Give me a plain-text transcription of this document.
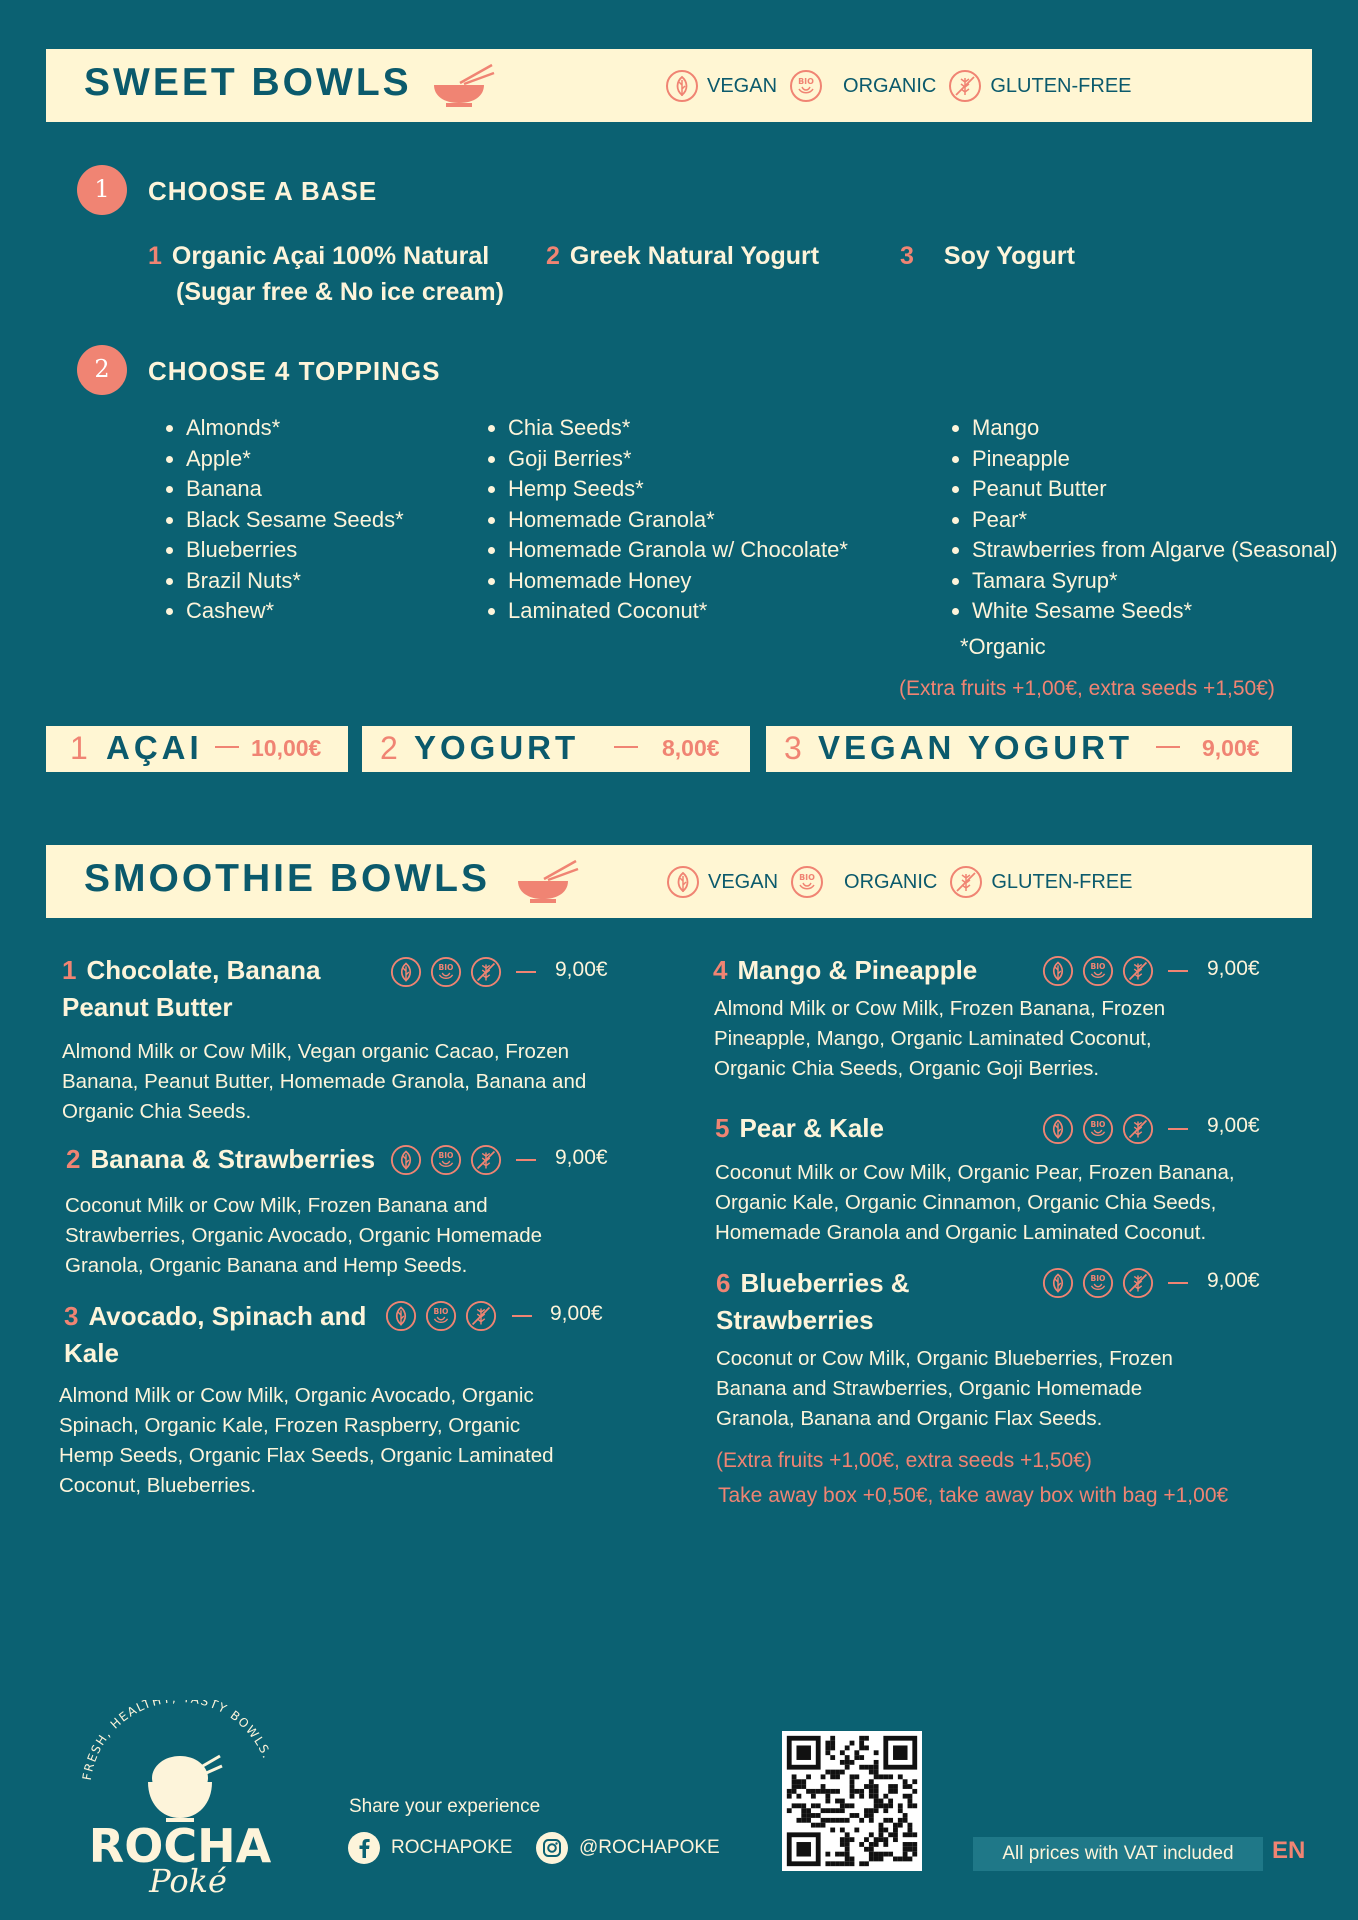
SWEET BOWLS	VEGAN	ORGANIC	GLUTEN-FREE
1	CHOOSE A BASE
1 Organic Açai 100% Natural
(Sugar free & No ice cream)
2 Greek Natural Yogurt	3 Soy Yogurt
2	CHOOSE 4 TOPPINGS
• Almonds*
• Apple*
• Banana
• Black Sesame Seeds*
• Blueberries
• Brazil Nuts*
• Cashew*
• Chia Seeds*
• Goji Berries*
• Hemp Seeds*
• Homemade Granola*
• Homemade Granola w/ Chocolate*
• Homemade Honey
• Laminated Coconut*
• Mango
• Pineapple
• Peanut Butter
• Pear*
• Strawberries from Algarve (Seasonal)
• Tamara Syrup*
• White Sesame Seeds*
*Organic
(Extra fruits +1,00€, extra seeds +1,50€)
1 AÇAI 10,00€ 2 YOGURT	8,00€ 3 VEGAN YOGURT	9,00€
SMOOTHIE BOWLS	VEGAN	ORGANIC	GLUTEN-FREE
1 Chocolate, Banana
Peanut Butter
9,00€
Almond Milk or Cow Milk, Vegan organic Cacao, Frozen
Banana, Peanut Butter, Homemade Granola, Banana and
Organic Chia Seeds.
2 Banana & Strawberries	9,00€
Coconut Milk or Cow Milk, Frozen Banana and
Strawberries, Organic Avocado, Organic Homemade
Granola, Organic Banana and Hemp Seeds.
3 Avocado, Spinach and
Kale
9,00€
Almond Milk or Cow Milk, Organic Avocado, Organic
Spinach, Organic Kale, Frozen Raspberry, Organic
Hemp Seeds, Organic Flax Seeds, Organic Laminated
Coconut, Blueberries.
4 Mango & Pineapple	9,00€
Almond Milk or Cow Milk, Frozen Banana, Frozen
Pineapple, Mango, Organic Laminated Coconut,
Organic Chia Seeds, Organic Goji Berries.
5 Pear & Kale	9,00€
Coconut Milk or Cow Milk, Organic Pear, Frozen Banana,
Organic Kale, Organic Cinnamon, Organic Chia Seeds,
Homemade Granola and Organic Laminated Coconut.
6 Blueberries &
Strawberries
9,00€
Coconut or Cow Milk, Organic Blueberries, Frozen
Banana and Strawberries, Organic Homemade
Granola, Banana and Organic Flax Seeds.
(Extra fruits +1,00€, extra seeds +1,50€)
Take away box +0,50€, take away box with bag +1,00€
FRESH, HEALTH STY BOWLS.
ROCHA
Poké
Share your experience
ROCHAPOKE	@ROCHAPOKE	All prices with VAT included	EN
